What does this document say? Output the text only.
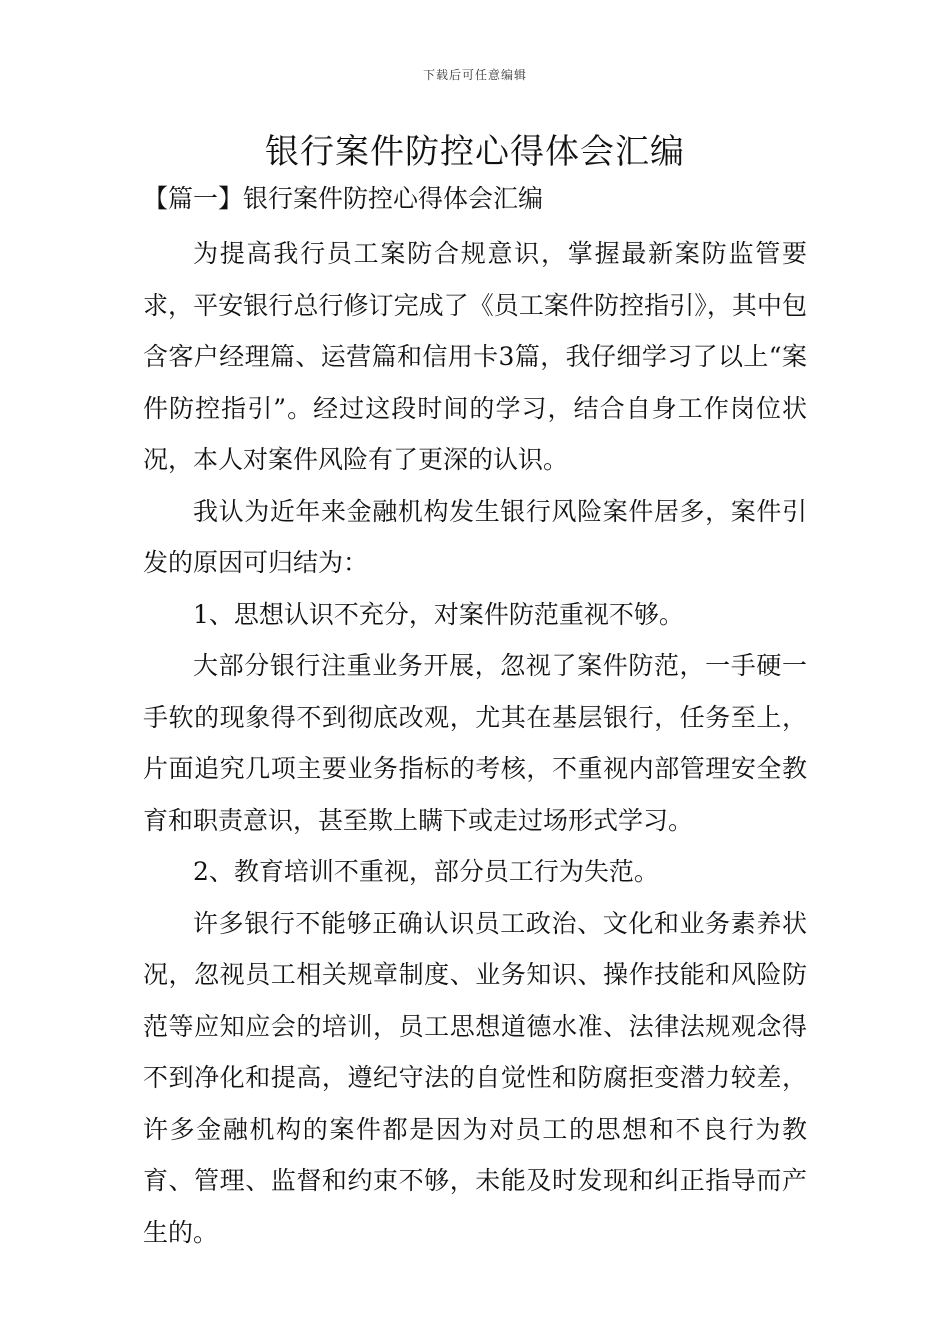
下载后可任意编辑
银行案件防控心得体会汇编
【篇一】银行案件防控心得体会汇编

为提高我行员工案防合规意识，掌握最新案防监管要求，平安银行总行修订完成了《员工案件防控指引》，其中包含客户经理篇、运营篇和信用卡3篇，我仔细学习了以上“案件防控指引”。经过这段时间的学习，结合自身工作岗位状况，本人对案件风险有了更深的认识。

我认为近年来金融机构发生银行风险案件居多，案件引发的原因可归结为：

1、思想认识不充分，对案件防范重视不够。

大部分银行注重业务开展，忽视了案件防范，一手硬一手软的现象得不到彻底改观，尤其在基层银行，任务至上，片面追究几项主要业务指标的考核，不重视内部管理安全教育和职责意识，甚至欺上瞒下或走过场形式学习。

2、教育培训不重视，部分员工行为失范。

许多银行不能够正确认识员工政治、文化和业务素养状况，忽视员工相关规章制度、业务知识、操作技能和风险防范等应知应会的培训，员工思想道德水准、法律法规观念得不到净化和提高，遵纪守法的自觉性和防腐拒变潜力较差，许多金融机构的案件都是因为对员工的思想和不良行为教育、管理、监督和约束不够，未能及时发现和纠正指导而产生的。
